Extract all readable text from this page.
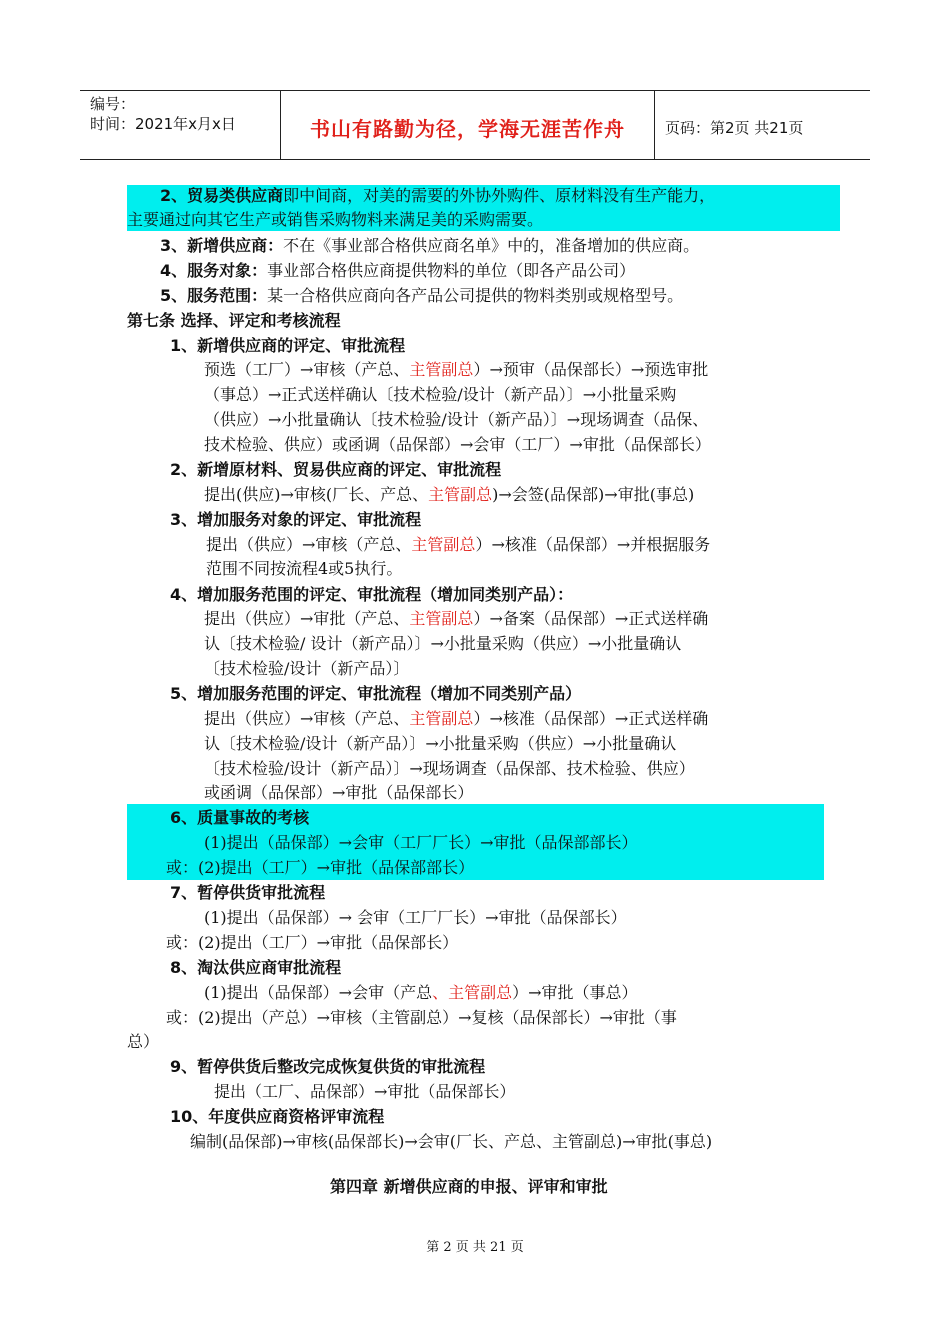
编号：
时间：2021年x月x日	书山有路勤为径，学海无涯苦作舟	页码：第2页 共21页
2、贸易类供应商即中间商，对美的需要的外协外购件、原材料没有生产能力，
主要通过向其它生产或销售采购物料来满足美的采购需要。
3、新增供应商：不在《事业部合格供应商名单》中的，准备增加的供应商。
4、服务对象：事业部合格供应商提供物料的单位（即各产品公司）
5、服务范围：某一合格供应商向各产品公司提供的物料类别或规格型号。
第七条 选择、评定和考核流程
1、新增供应商的评定、审批流程
预选（工厂）→审核（产总、主管副总）→预审（品保部长）→预选审批
（事总）→正式送样确认〔技术检验/设计（新产品）〕→小批量采购
（供应）→小批量确认〔技术检验/设计（新产品）〕→现场调查（品保、
技术检验、供应）或函调（品保部）→会审（工厂）→审批（品保部长）
2、新增原材料、贸易供应商的评定、审批流程
提出(供应)→审核(厂长、产总、主管副总)→会签(品保部)→审批(事总)
3、增加服务对象的评定、审批流程
提出（供应）→审核（产总、主管副总）→核准（品保部）→并根据服务
范围不同按流程4或5执行。
4、增加服务范围的评定、审批流程（增加同类别产品）：
提出（供应）→审批（产总、主管副总）→备案（品保部）→正式送样确
认〔技术检验/ 设计（新产品）〕→小批量采购（供应）→小批量确认
〔技术检验/设计（新产品）〕
5、增加服务范围的评定、审批流程（增加不同类别产品）
提出（供应）→审核（产总、主管副总）→核准（品保部）→正式送样确
认〔技术检验/设计（新产品）〕→小批量采购（供应）→小批量确认
〔技术检验/设计（新产品）〕→现场调查（品保部、技术检验、供应）
或函调（品保部）→审批（品保部长）
6、质量事故的考核
(1)提出（品保部）→会审（工厂厂长）→审批（品保部部长）
或：(2)提出（工厂）→审批（品保部部长）
7、暂停供货审批流程
(1)提出（品保部）→ 会审（工厂厂长）→审批（品保部长）
或：(2)提出（工厂）→审批（品保部长）
8、淘汰供应商审批流程
(1)提出（品保部）→会审（产总、主管副总）→审批（事总）
或：(2)提出（产总）→审核（主管副总）→复核（品保部长）→审批（事
总）
9、暂停供货后整改完成恢复供货的审批流程
提出（工厂、品保部）→审批（品保部长）
10、年度供应商资格评审流程
编制(品保部)→审核(品保部长)→会审(厂长、产总、主管副总)→审批(事总)
第四章 新增供应商的申报、评审和审批
第 2 页 共 21 页
